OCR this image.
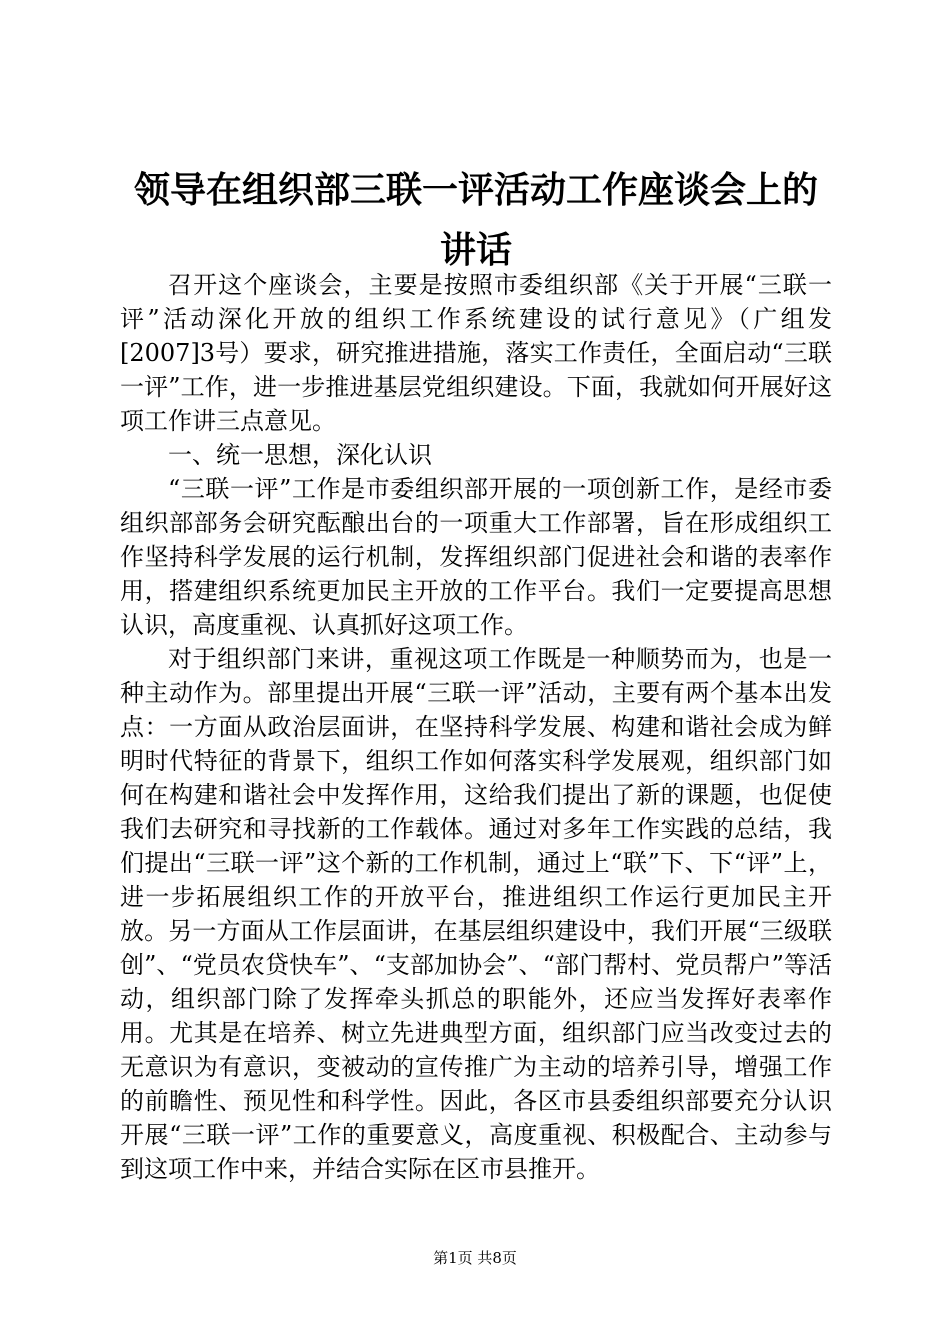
领导在组织部三联一评活动工作座谈会上的讲话

召开这个座谈会，主要是按照市委组织部《关于开展“三联一评”活动深化开放的组织工作系统建设的试行意见》（广组发[2007]3号）要求，研究推进措施，落实工作责任，全面启动“三联一评”工作，进一步推进基层党组织建设。下面，我就如何开展好这项工作讲三点意见。

一、统一思想，深化认识

“三联一评”工作是市委组织部开展的一项创新工作，是经市委组织部部务会研究酝酿出台的一项重大工作部署，旨在形成组织工作坚持科学发展的运行机制，发挥组织部门促进社会和谐的表率作用，搭建组织系统更加民主开放的工作平台。我们一定要提高思想认识，高度重视、认真抓好这项工作。

对于组织部门来讲，重视这项工作既是一种顺势而为，也是一种主动作为。部里提出开展“三联一评”活动，主要有两个基本出发点：一方面从政治层面讲，在坚持科学发展、构建和谐社会成为鲜明时代特征的背景下，组织工作如何落实科学发展观，组织部门如何在构建和谐社会中发挥作用，这给我们提出了新的课题，也促使我们去研究和寻找新的工作载体。通过对多年工作实践的总结，我们提出“三联一评”这个新的工作机制，通过上“联”下、下“评”上，进一步拓展组织工作的开放平台，推进组织工作运行更加民主开放。另一方面从工作层面讲，在基层组织建设中，我们开展“三级联创”、“党员农贷快车”、“支部加协会”、“部门帮村、党员帮户”等活动，组织部门除了发挥牵头抓总的职能外，还应当发挥好表率作用。尤其是在培养、树立先进典型方面，组织部门应当改变过去的无意识为有意识，变被动的宣传推广为主动的培养引导，增强工作的前瞻性、预见性和科学性。因此，各区市县委组织部要充分认识开展“三联一评”工作的重要意义，高度重视、积极配合、主动参与到这项工作中来，并结合实际在区市县推开。

第1页 共8页
